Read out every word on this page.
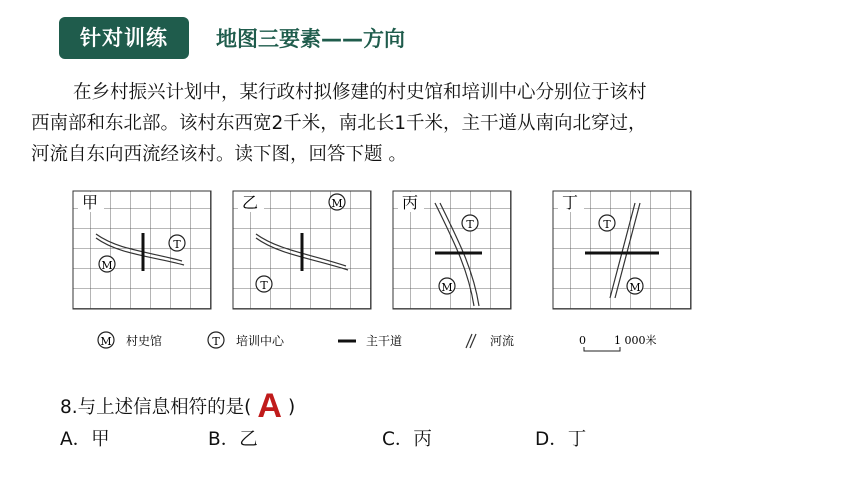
针对训练	地图三要素——方向

在乡村振兴计划中，某行政村拟修建的村史馆和培训中心分别位于该村

西南部和东北部。该村东西宽2千米，南北长1千米，主干道从南向北穿过，

河流自东向西流经该村。读下图，回答下题 。

甲
T
M
乙	M
T
丙
T
M
丁
T
M
M 村史馆	T 培训中心	主干道	河流	0	1 000米
8.与上述信息相符的是( A )
A．甲	B．乙	C．丙	D．丁
